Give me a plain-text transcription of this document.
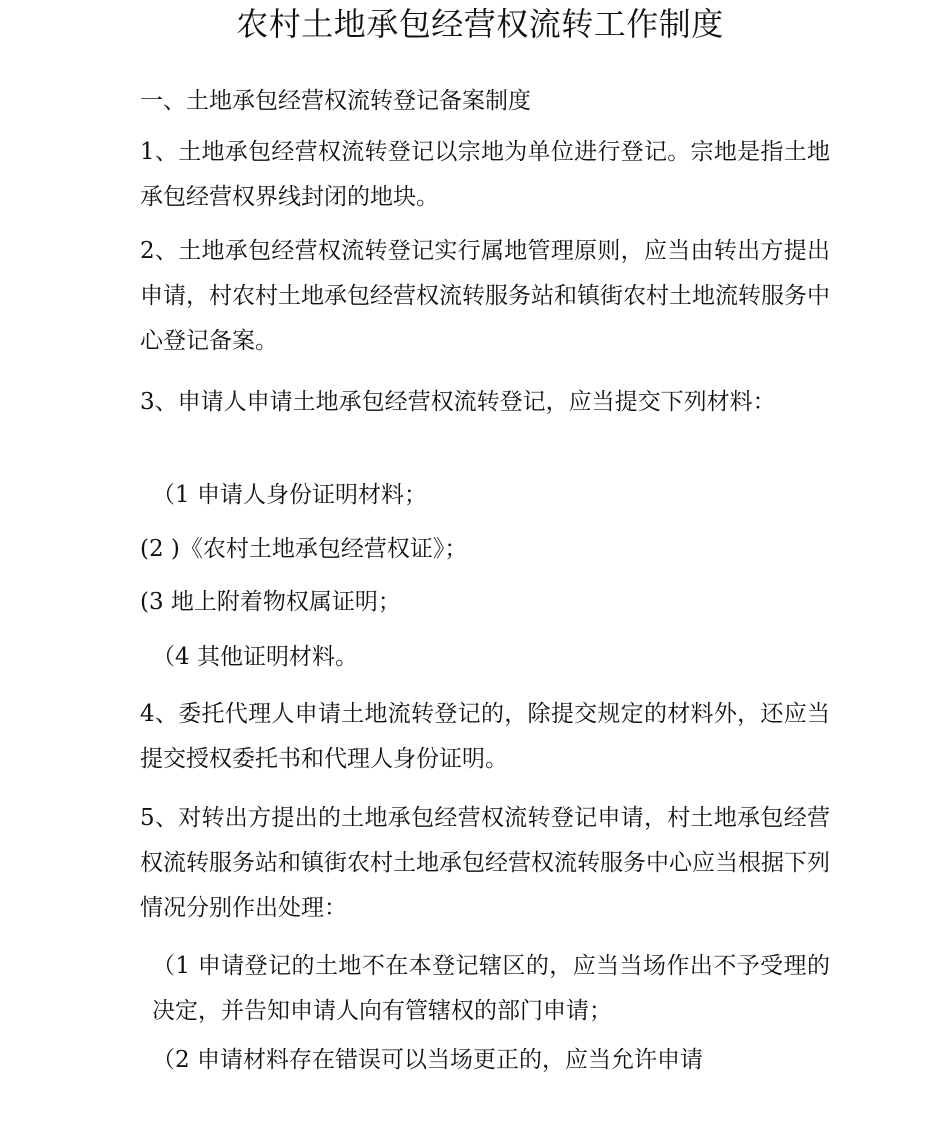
农村土地承包经营权流转工作制度
一、土地承包经营权流转登记备案制度
1、土地承包经营权流转登记以宗地为单位进行登记。宗地是指土地承包经营权界线封闭的地块。
2、土地承包经营权流转登记实行属地管理原则，应当由转出方提出申请，村农村土地承包经营权流转服务站和镇街农村土地流转服务中心登记备案。
3、申请人申请土地承包经营权流转登记，应当提交下列材料：
（1 申请人身份证明材料；
(2 )《农村土地承包经营权证》；
(3 地上附着物权属证明；
（4 其他证明材料。
4、委托代理人申请土地流转登记的，除提交规定的材料外，还应当提交授权委托书和代理人身份证明。
5、对转出方提出的土地承包经营权流转登记申请，村土地承包经营权流转服务站和镇街农村土地承包经营权流转服务中心应当根据下列情况分别作出处理：
（1 申请登记的土地不在本登记辖区的，应当当场作出不予受理的决定，并告知申请人向有管辖权的部门申请；
（2 申请材料存在错误可以当场更正的，应当允许申请
